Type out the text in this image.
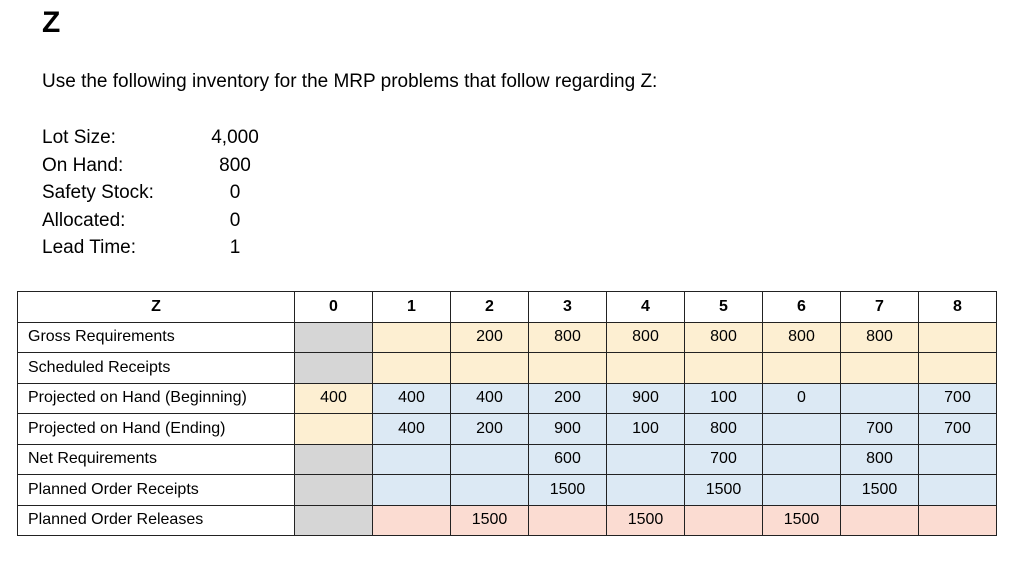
Z
Use the following inventory for the MRP problems that follow regarding Z:
Lot Size:	4,000
On Hand:	800
Safety Stock:	0
Allocated:	0
Lead Time:	1
Z	0	1	2	3	4	5	6	7	8
Gross Requirements			200	800	800	800	800	800	
Scheduled Receipts									
Projected on Hand (Beginning)	400	400	400	200	900	100	0		700
Projected on Hand (Ending)		400	200	900	100	800		700	700
Net Requirements				600		700		800	
Planned Order Receipts				1500		1500		1500	
Planned Order Releases			1500		1500		1500		
